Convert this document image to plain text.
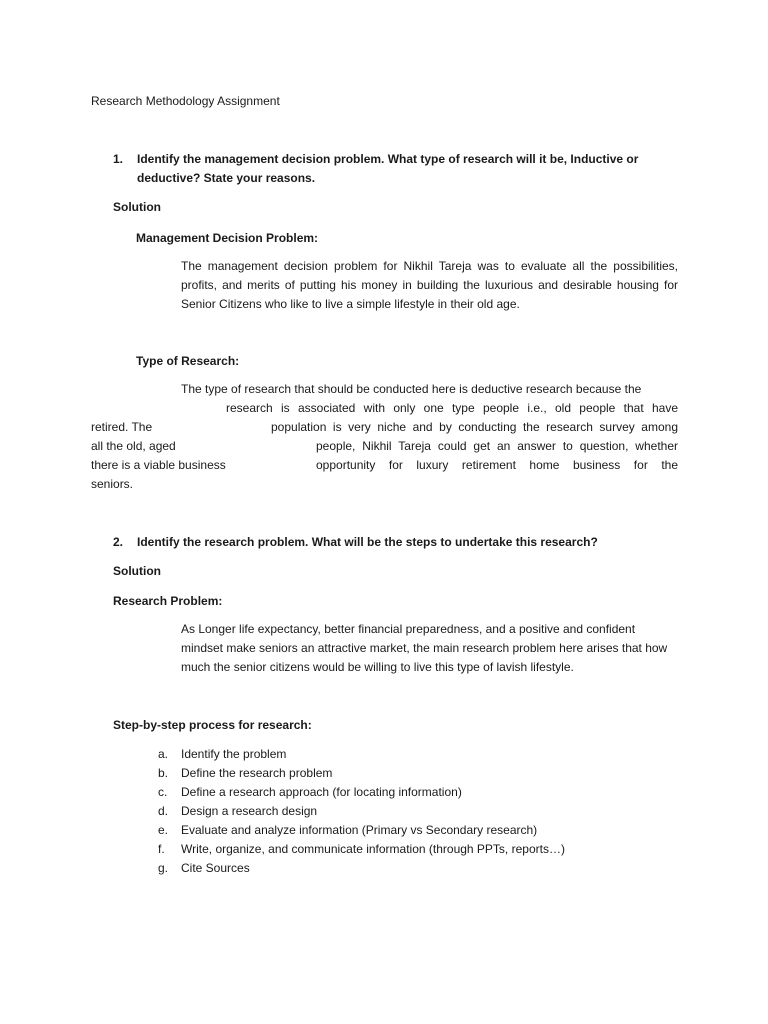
Research Methodology Assignment
1.	Identify the management decision problem. What type of research will it be, Inductive or deductive? State your reasons.
Solution
Management Decision Problem:
The management decision problem for Nikhil Tareja was to evaluate all the possibilities, profits, and merits of putting his money in building the luxurious and desirable housing for Senior Citizens who like to live a simple lifestyle in their old age.
Type of Research:
The type of research that should be conducted here is deductive research because the
research is associated with only one type people i.e., old people that have
retired. The	population is very niche and by conducting the research survey among
all the old, aged	people, Nikhil Tareja could get an answer to question, whether
there is a viable business	opportunity for luxury retirement home business for the
seniors.
2.	Identify the research problem. What will be the steps to undertake this research?
Solution
Research Problem:
As Longer life expectancy, better financial preparedness, and a positive and confident mindset make seniors an attractive market, the main research problem here arises that how much the senior citizens would be willing to live this type of lavish lifestyle.
Step-by-step process for research:
a.	Identify the problem
b.	Define the research problem
c.	Define a research approach (for locating information)
d.	Design a research design
e.	Evaluate and analyze information (Primary vs Secondary research)
f.	Write, organize, and communicate information (through PPTs, reports…)
g.	Cite Sources
